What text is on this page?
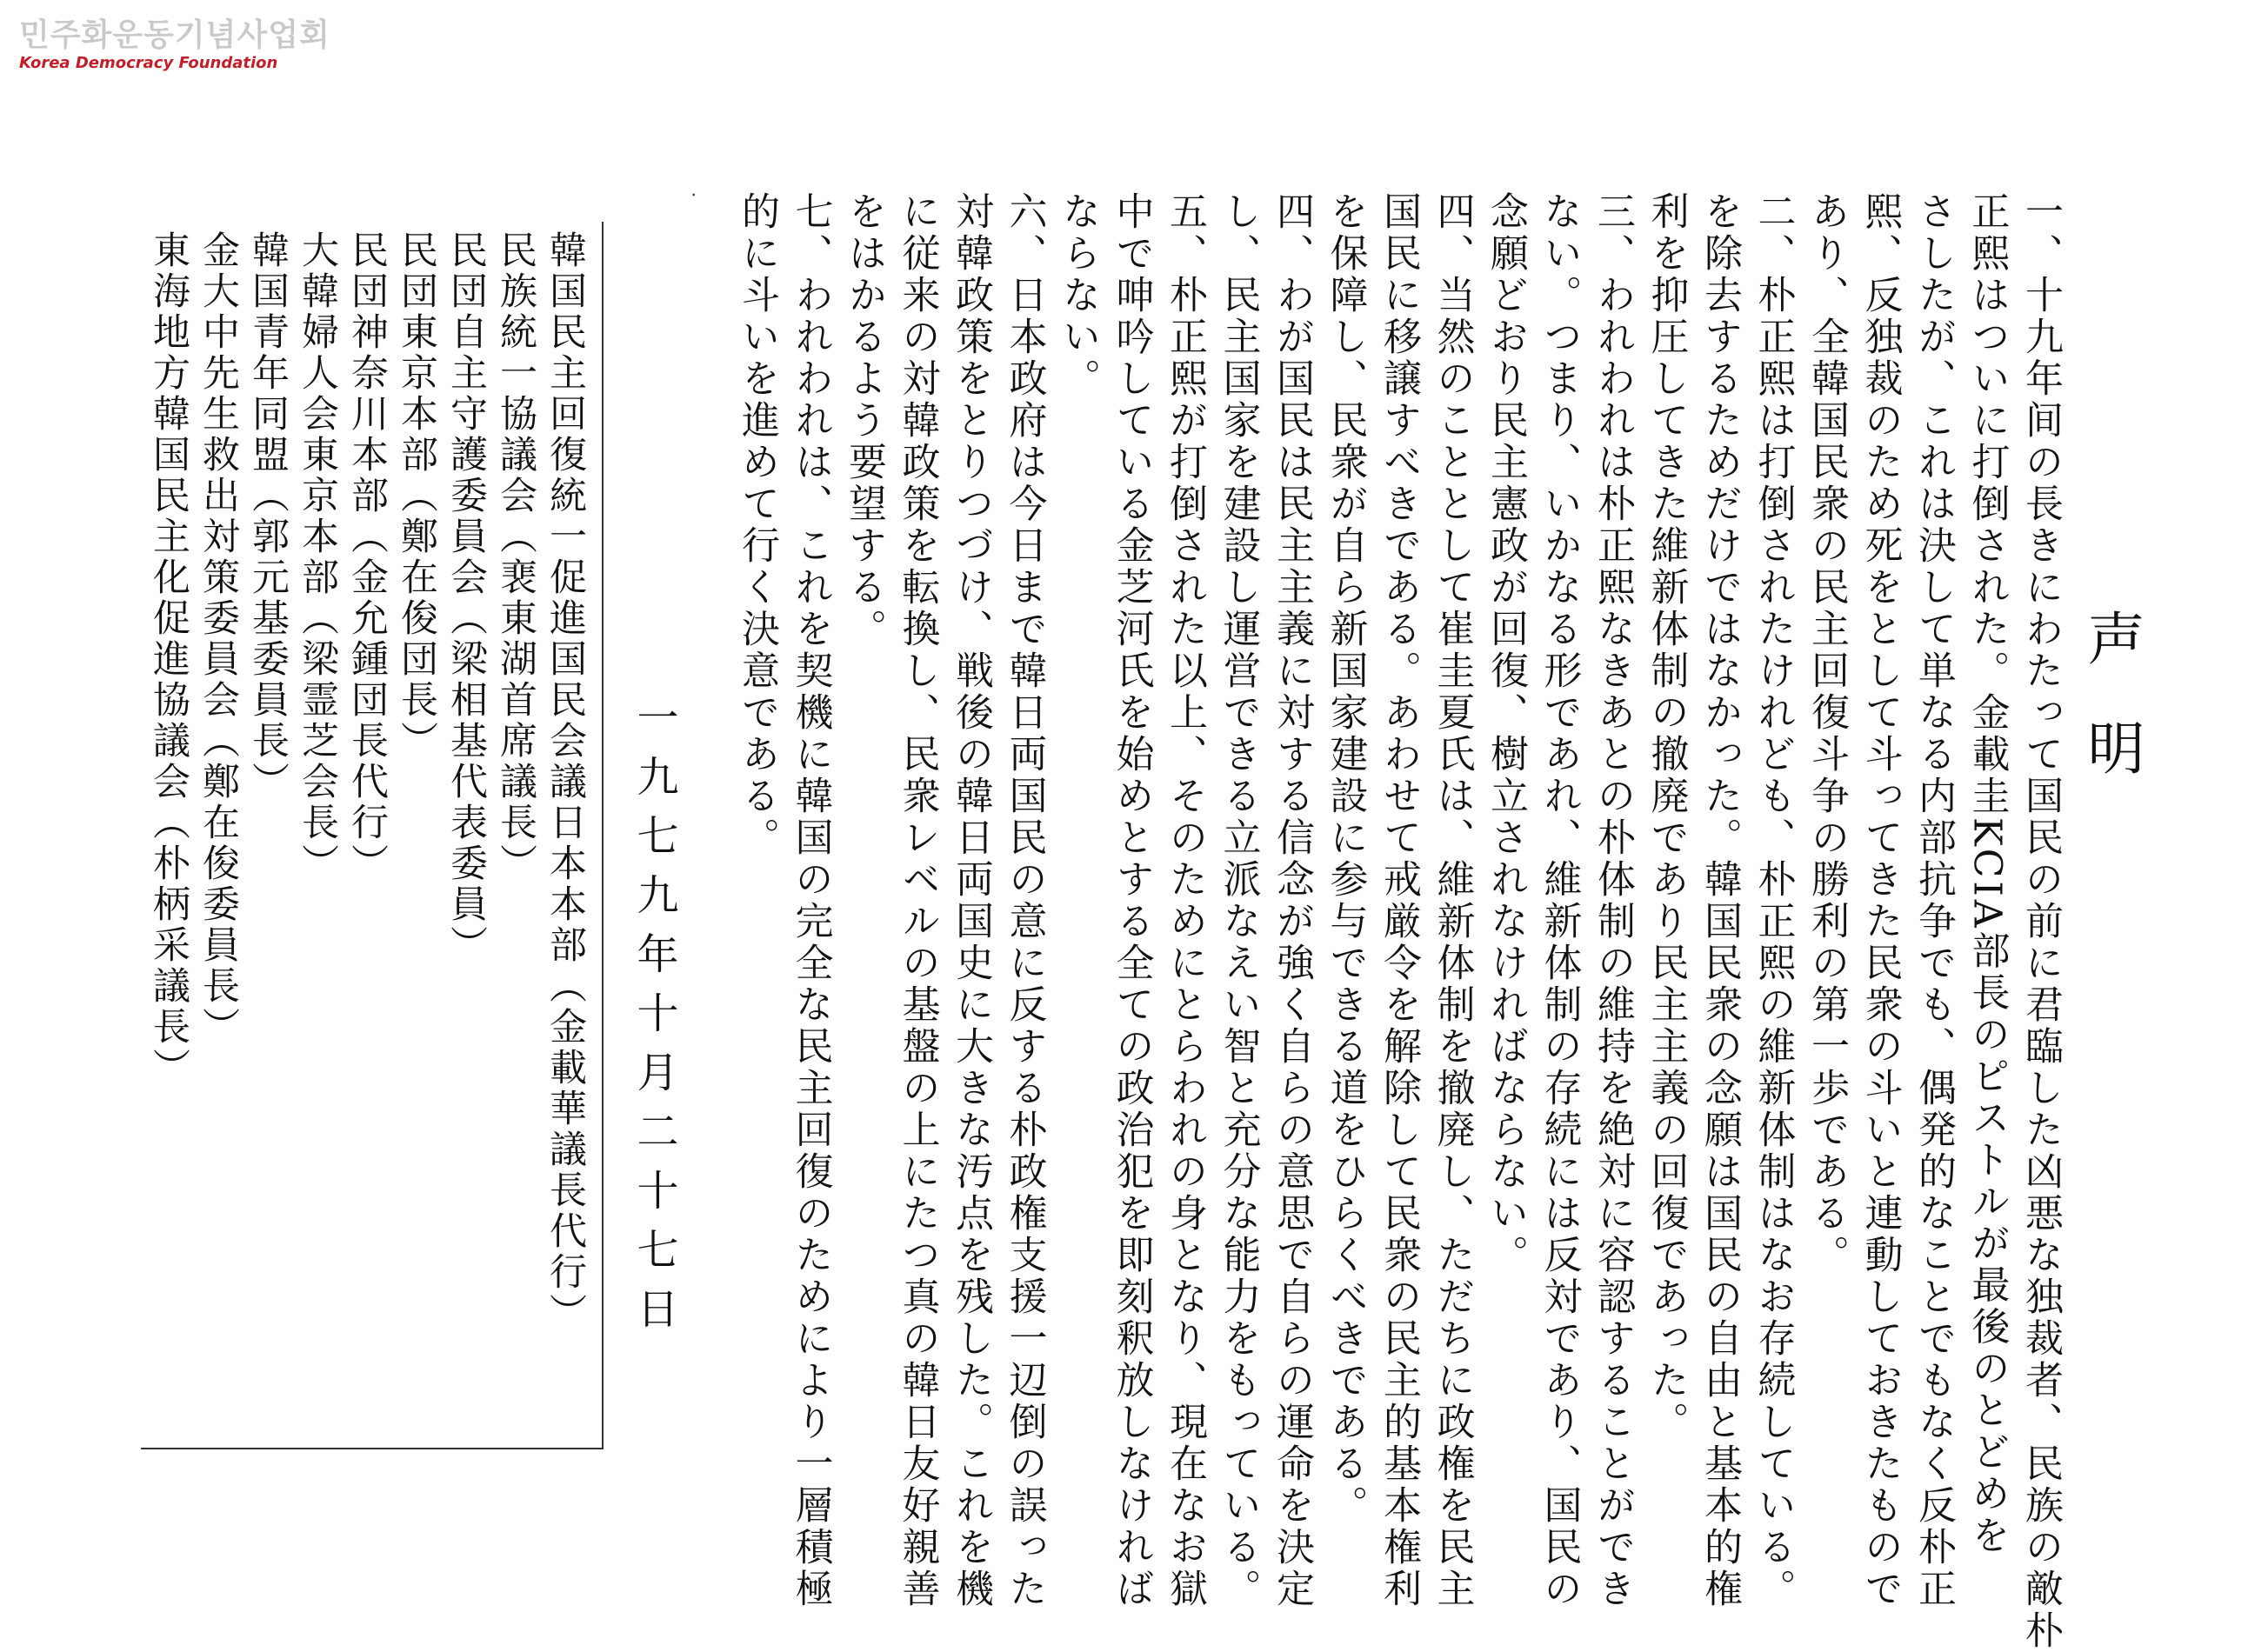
민주화운동기념사업회
Korea Democracy Foundation
声明
一、十九年间の長きにわたって国民の前に君臨した凶悪な独裁者、民族の敵朴
正熙はついに打倒された。金載圭KCIA部長のピストルが最後のとどめを
さしたが、これは決して単なる内部抗争でも、偶発的なことでもなく反朴正
熙、反独裁のため死をとして斗ってきた民衆の斗いと連動しておきたもので
あり、全韓国民衆の民主回復斗争の勝利の第一歩である。
二、朴正熙は打倒されたけれども、朴正熙の維新体制はなお存続している。
を除去するためだけではなかった。韓国民衆の念願は国民の自由と基本的権
利を抑圧してきた維新体制の撤廃であり民主主義の回復であった。
三、われわれは朴正熙なきあとの朴体制の維持を絶対に容認することができ
ない。つまり、いかなる形であれ、維新体制の存続には反対であり、国民の
念願どおり民主憲政が回復、樹立されなければならない。
四、当然のこととして崔圭夏氏は、維新体制を撤廃し、ただちに政権を民主
国民に移譲すべきである。あわせて戒厳令を解除して民衆の民主的基本権利
を保障し、民衆が自ら新国家建設に参与できる道をひらくべきである。
四、わが国民は民主主義に対する信念が強く自らの意思で自らの運命を決定
し、民主国家を建設し運営できる立派なえい智と充分な能力をもっている。
五、朴正熙が打倒された以上、そのためにとらわれの身となり、現在なお獄
中で呻吟している金芝河氏を始めとする全ての政治犯を即刻釈放しなければ
ならない。
六、日本政府は今日まで韓日両国民の意に反する朴政権支援一辺倒の誤った
対韓政策をとりつづけ、戦後の韓日両国史に大きな汚点を残した。これを機
に従来の対韓政策を転換し、民衆レベルの基盤の上にたつ真の韓日友好親善
をはかるよう要望する。
七、われわれは、これを契機に韓国の完全な民主回復のためにより一層積極
的に斗いを進めて行く決意である。
⸱
一九七九年十月二十七日
韓国民主回復統一促進国民会議日本本部（金載華議長代行）
民族統一協議会（裵東湖首席議長）
民団自主守護委員会（梁相基代表委員）
民団東京本部（鄭在俊団長）
民団神奈川本部（金允鍾団長代行）
大韓婦人会東京本部（梁霊芝会長）
韓国青年同盟（郭元基委員長）
金大中先生救出対策委員会（鄭在俊委員長）
東海地方韓国民主化促進協議会（朴柄采議長）
